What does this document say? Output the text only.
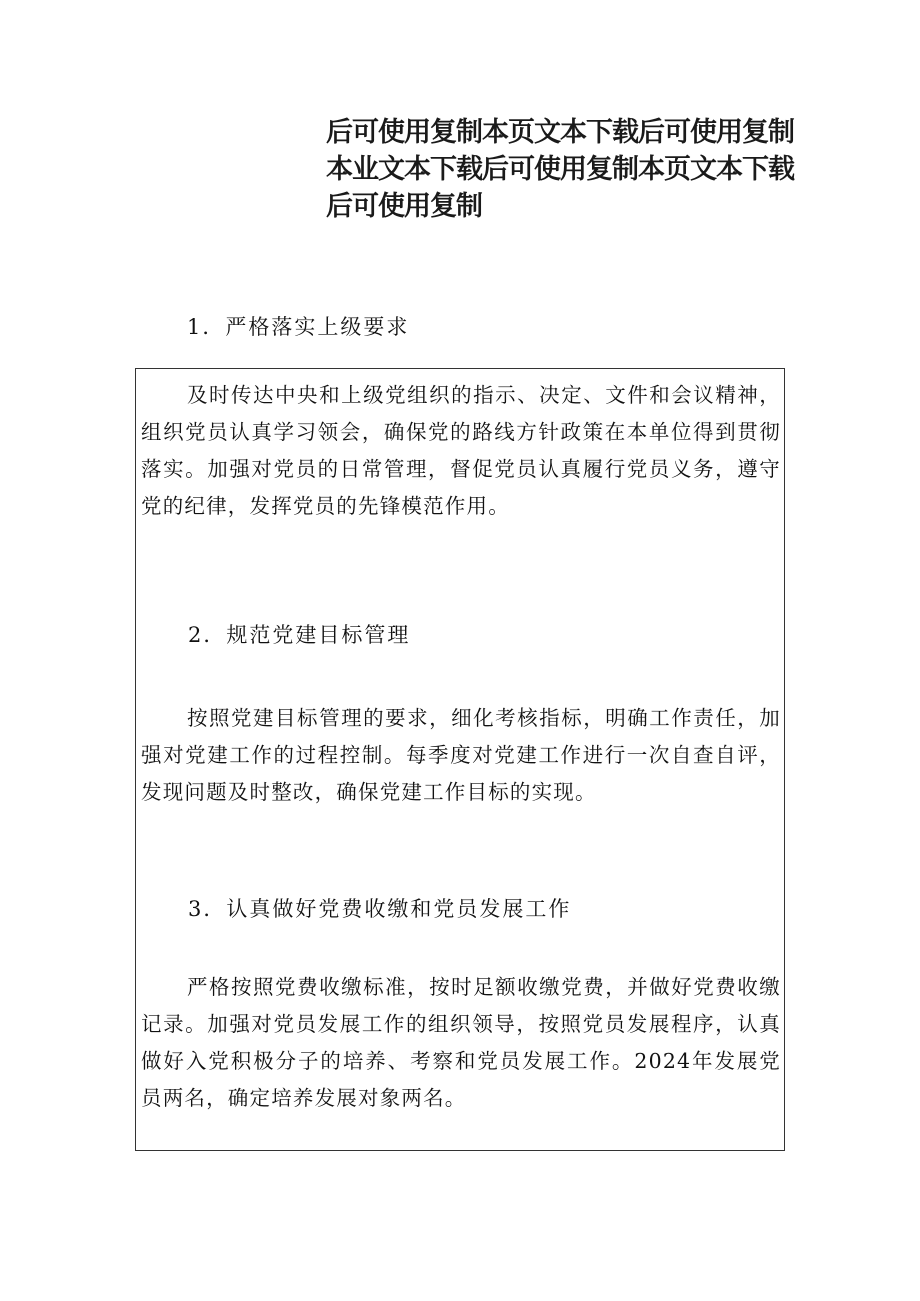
后可使用复制本页文本下载后可使用复制
本业文本下载后可使用复制本页文本下载
后可使用复制
1．严格落实上级要求

及时传达中央和上级党组织的指示、决定、文件和会议精神，组织党员认真学习领会，确保党的路线方针政策在本单位得到贯彻落实。加强对党员的日常管理，督促党员认真履行党员义务，遵守党的纪律，发挥党员的先锋模范作用。

2．规范党建目标管理

按照党建目标管理的要求，细化考核指标，明确工作责任，加强对党建工作的过程控制。每季度对党建工作进行一次自查自评，发现问题及时整改，确保党建工作目标的实现。

3．认真做好党费收缴和党员发展工作

严格按照党费收缴标准，按时足额收缴党费，并做好党费收缴记录。加强对党员发展工作的组织领导，按照党员发展程序，认真做好入党积极分子的培养、考察和党员发展工作。2024年发展党员两名，确定培养发展对象两名。
